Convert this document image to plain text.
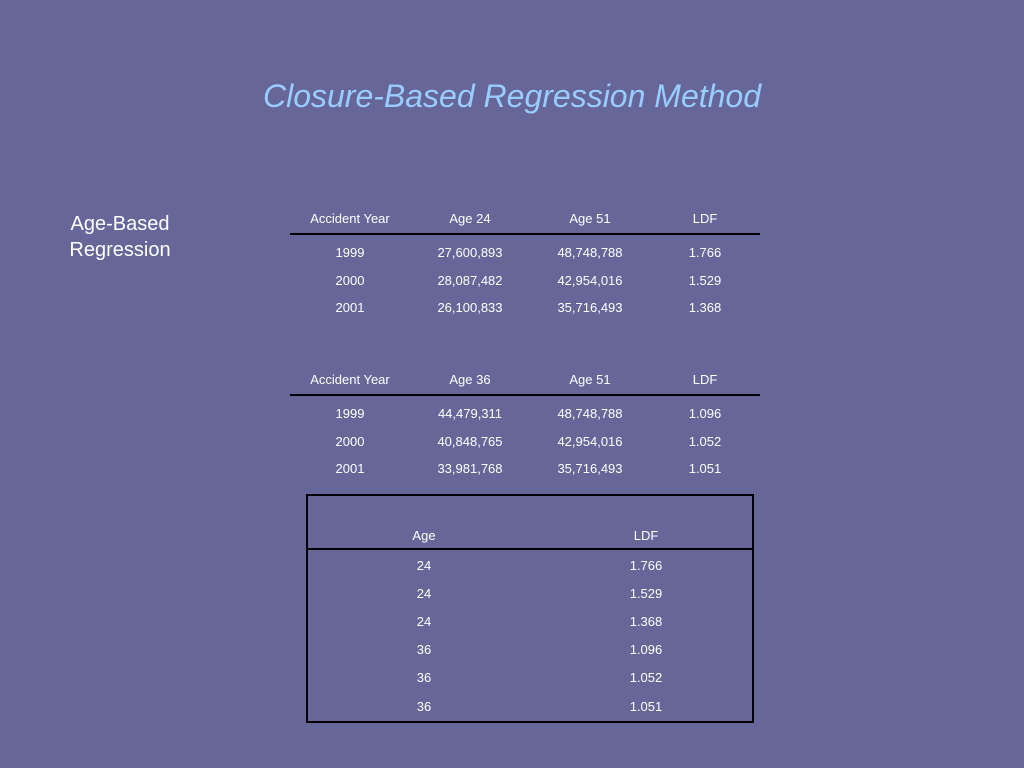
Closure-Based Regression Method
Age-Based
Regression
Accident Year	Age 24	Age 51	LDF
1999	27,600,893	48,748,788	1.766
2000	28,087,482	42,954,016	1.529
2001	26,100,833	35,716,493	1.368
Accident Year	Age 36	Age 51	LDF
1999	44,479,311	48,748,788	1.096
2000	40,848,765	42,954,016	1.052
2001	33,981,768	35,716,493	1.051
Age	LDF
24	1.766
24	1.529
24	1.368
36	1.096
36	1.052
36	1.051
